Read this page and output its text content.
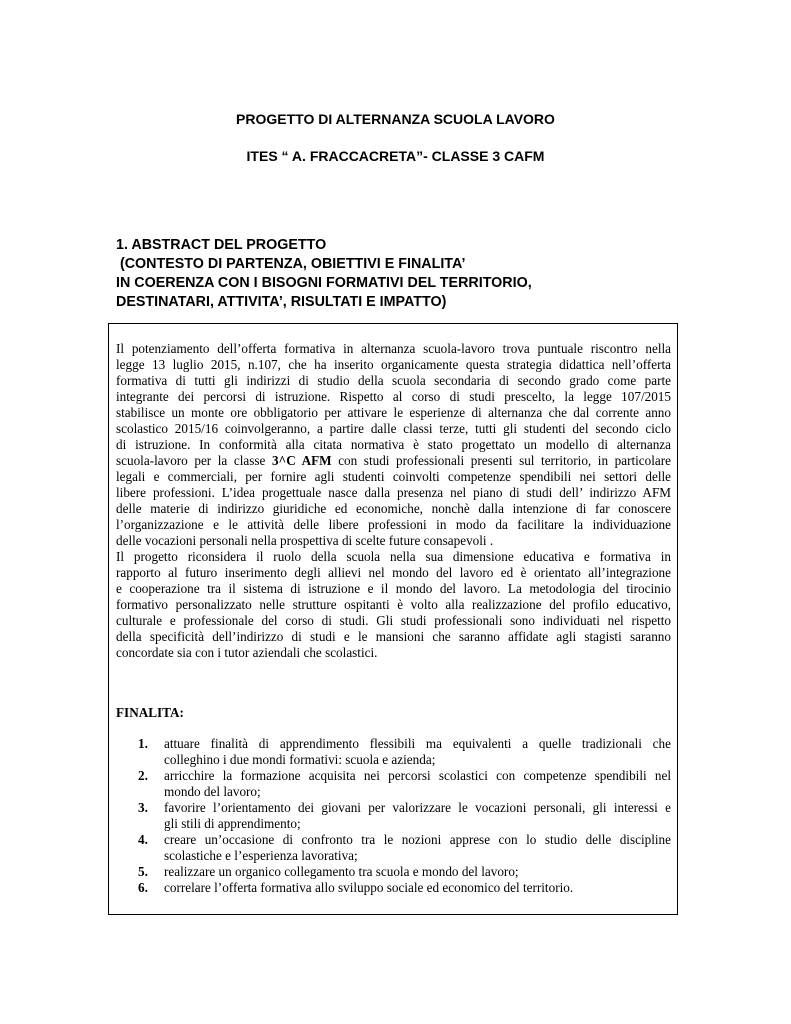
PROGETTO DI ALTERNANZA SCUOLA LAVORO
ITES “ A. FRACCACRETA”- CLASSE 3 CAFM
1. ABSTRACT DEL PROGETTO
(CONTESTO DI PARTENZA, OBIETTIVI E FINALITA’
IN COERENZA CON I BISOGNI FORMATIVI DEL TERRITORIO,
DESTINATARI, ATTIVITA’, RISULTATI E IMPATTO)
Il potenziamento dell’offerta formativa in alternanza scuola-lavoro trova puntuale riscontro nella
legge 13 luglio 2015, n.107, che ha inserito organicamente questa strategia didattica nell’offerta
formativa di tutti gli indirizzi di studio della scuola secondaria di secondo grado come parte
integrante dei percorsi di istruzione. Rispetto al corso di studi prescelto, la legge 107/2015
stabilisce un monte ore obbligatorio per attivare le esperienze di alternanza che dal corrente anno
scolastico 2015/16 coinvolgeranno, a partire dalle classi terze, tutti gli studenti del secondo ciclo
di istruzione. In conformità alla citata normativa è stato progettato un modello di alternanza
scuola-lavoro per la classe 3^C AFM con studi professionali presenti sul territorio, in particolare
legali e commerciali, per fornire agli studenti coinvolti competenze spendibili nei settori delle
libere professioni. L’idea progettuale nasce dalla presenza nel piano di studi dell’ indirizzo AFM
delle materie di indirizzo giuridiche ed economiche, nonchè dalla intenzione di far conoscere
l’organizzazione e le attività delle libere professioni in modo da facilitare la individuazione
delle vocazioni personali nella prospettiva di scelte future consapevoli .
Il progetto riconsidera il ruolo della scuola nella sua dimensione educativa e formativa in
rapporto al futuro inserimento degli allievi nel mondo del lavoro ed è orientato all’integrazione
e cooperazione tra il sistema di istruzione e il mondo del lavoro. La metodologia del tirocinio
formativo personalizzato nelle strutture ospitanti è volto alla realizzazione del profilo educativo,
culturale e professionale del corso di studi. Gli studi professionali sono individuati nel rispetto
della specificità dell’indirizzo di studi e le mansioni che saranno affidate agli stagisti saranno
concordate sia con i tutor aziendali che scolastici.
FINALITA:
1.	attuare finalità di apprendimento flessibili ma equivalenti a quelle tradizionali che
colleghino i due mondi formativi: scuola e azienda;
2.	arricchire la formazione acquisita nei percorsi scolastici con competenze spendibili nel
mondo del lavoro;
3.	favorire l’orientamento dei giovani per valorizzare le vocazioni personali, gli interessi e
gli stili di apprendimento;
4.	creare un’occasione di confronto tra le nozioni apprese con lo studio delle discipline
scolastiche e l’esperienza lavorativa;
5.	realizzare un organico collegamento tra scuola e mondo del lavoro;
6.	correlare l’offerta formativa allo sviluppo sociale ed economico del territorio.
